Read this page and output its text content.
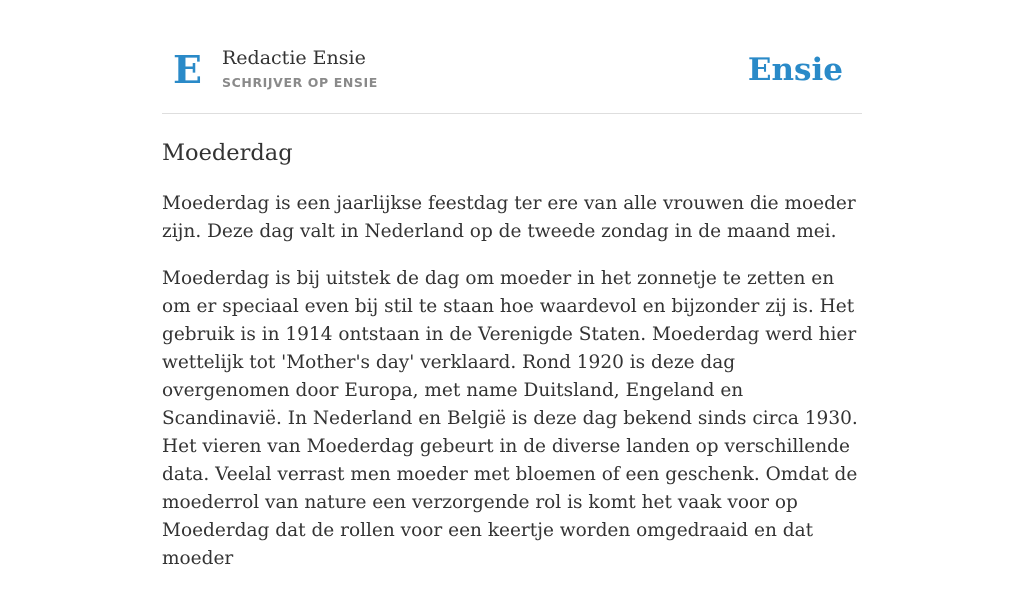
E Redactie Ensie
SCHRIJVER OP ENSIE	Ensie
Moederdag

Moederdag is een jaarlijkse feestdag ter ere van alle vrouwen die moeder zijn. Deze dag valt in Nederland op de tweede zondag in de maand mei.

Moederdag is bij uitstek de dag om moeder in het zonnetje te zetten en om er speciaal even bij stil te staan hoe waardevol en bijzonder zij is. Het gebruik is in 1914 ontstaan in de Verenigde Staten. Moederdag werd hier wettelijk tot 'Mother's day' verklaard. Rond 1920 is deze dag overgenomen door Europa, met name Duitsland, Engeland en Scandinavië. In Nederland en België is deze dag bekend sinds circa 1930. Het vieren van Moederdag gebeurt in de diverse landen op verschillende data. Veelal verrast men moeder met bloemen of een geschenk. Omdat de moederrol van nature een verzorgende rol is komt het vaak voor op Moederdag dat de rollen voor een keertje worden omgedraaid en dat moeder
